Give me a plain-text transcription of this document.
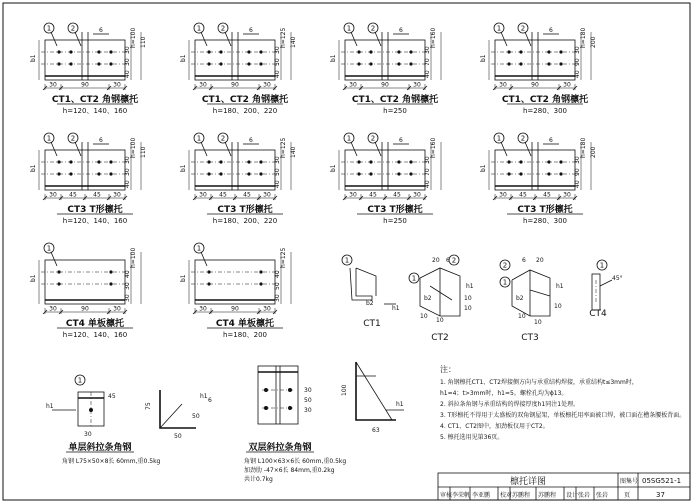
b1
1	2	6
30	90	30
h=100 110
40
30
30
CT1、CT2 角钢檩托
h=120、140、160
b1
1	2	6
30	90	30
h=125 140
40
50
30
CT1、CT2 角钢檩托
h=180、200、220
b1
1	2	6
30	90	30
h=160
40
70
30
CT1、CT2 角钢檩托
h=250
b1
1	2	6
30	90	30
h=180 200
40
90
30
CT1、CT2 角钢檩托
h=280、300
b1
1	2	6
30 45	45 30
h=100 110
40
30
30
CT3 T形檩托
h=120、140、160
b1
1	2	6
30 45	45 30
h=125 140
40
50
30
CT3 T形檩托
h=180、200、220
b1
1	2	6
30 45	45 30
h=160
40
70
30
CT3 T形檩托
h=250
b1
1	2	6
30 45	45 30
h=180 200
40
90
30
CT3 T形檩托
h=280、300
b1
1
30	90	30
h=100
30
30
40
CT4 单板檩托
h=120、140、160
b1
1
30	90	30
h=125
30
50
40
CT4 单板檩托
h=180、200
1
b2
h1
CT1
2
1
20 6
10
10
10
10
b2
h1
CT2
2
1
6 20
10
10
10
b2
h1
CT3
1
45°
CT4
1
h1
45
30
75
50
50
h1
6
单层斜拉条角钢
角钢 L75×50×8长 60mm,重0.5kg
30
50
30
100
63
h1
双层斜拉条角钢
角钢 L100×63×6长 60mm,重0.5kg
加劲肋 -47×6长 84mm,重0.2kg
共计0.7kg
注：
1. 角钢檩托CT1、CT2焊接侧方向与承重结构焊接，承重结构t≤3mm时，
h1=4；t>3mm时，h1=5。螺栓孔均为ϕ13。
2. 斜拉条角钢与承重结构的焊接厚度h1同注1处理。
3. T形檩托不得用于太盛板的双角钢屋架，单板檩托用率面被口焊，被口面在槽条腰板背面。
4. CT1、CT2图中，加劲板仅用于CT2。
5. 檩托选用见第36页。
檩托详图	图集号 05SG521-1
页	37
审核 李荣帆 李亚鹏 校对 苏鹏程 苏鹏程 设计 张岩 张岩
